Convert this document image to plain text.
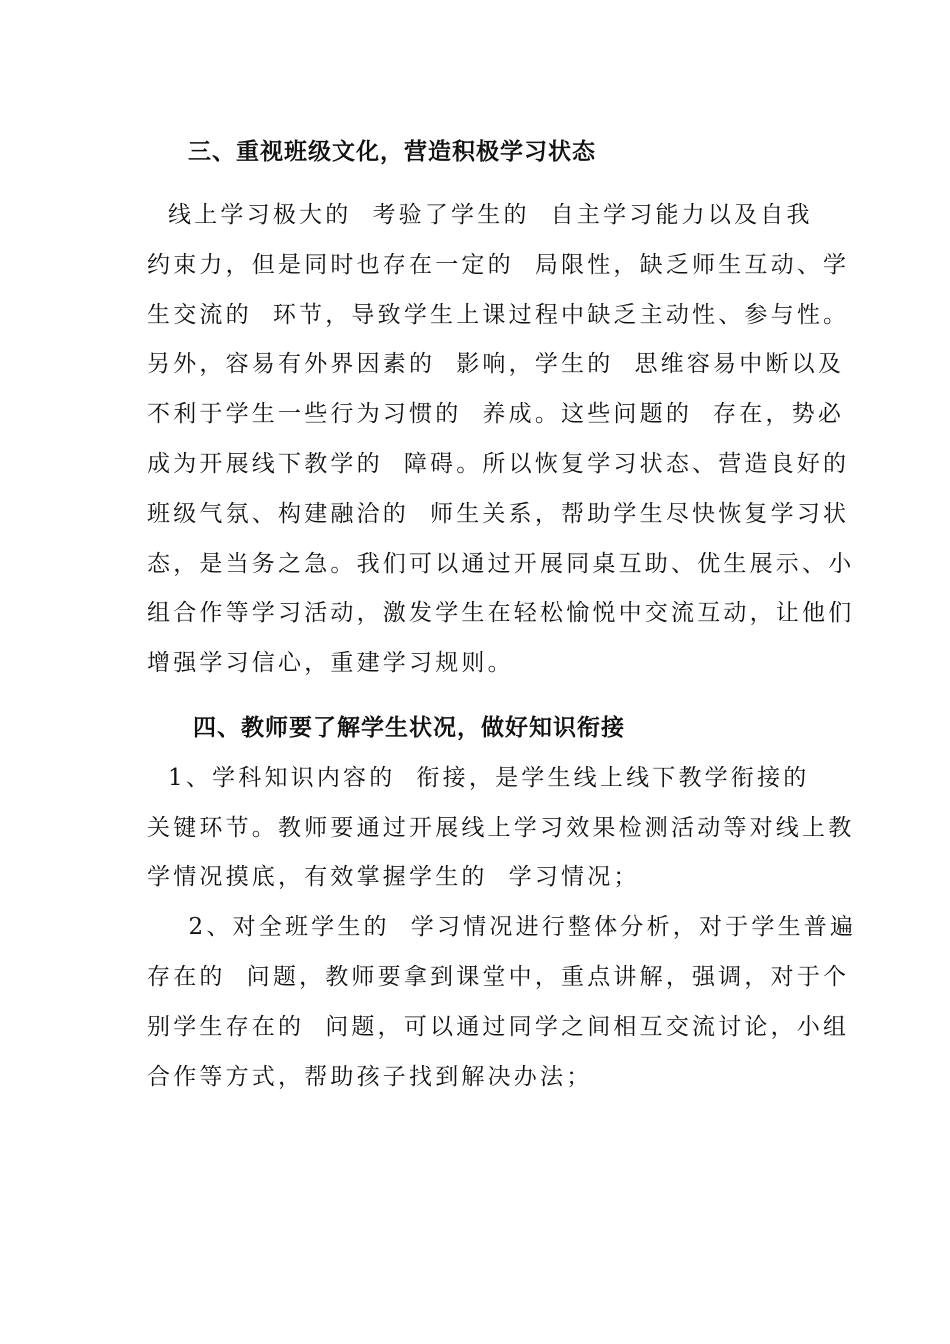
三、重视班级文化，营造积极学习状态
线上学习极大的  考验了学生的  自主学习能力以及自我
约束力，但是同时也存在一定的  局限性，缺乏师生互动、学
生交流的  环节，导致学生上课过程中缺乏主动性、参与性。
另外，容易有外界因素的  影响，学生的  思维容易中断以及
不利于学生一些行为习惯的  养成。这些问题的  存在，势必
成为开展线下教学的  障碍。所以恢复学习状态、营造良好的
班级气氛、构建融洽的  师生关系，帮助学生尽快恢复学习状
态，是当务之急。我们可以通过开展同桌互助、优生展示、小
组合作等学习活动，激发学生在轻松愉悦中交流互动，让他们
增强学习信心，重建学习规则。
四、教师要了解学生状况，做好知识衔接
1、学科知识内容的  衔接，是学生线上线下教学衔接的
关键环节。教师要通过开展线上学习效果检测活动等对线上教
学情况摸底，有效掌握学生的  学习情况；
2、对全班学生的  学习情况进行整体分析，对于学生普遍
存在的  问题，教师要拿到课堂中，重点讲解，强调，对于个
别学生存在的  问题，可以通过同学之间相互交流讨论，小组
合作等方式，帮助孩子找到解决办法；
